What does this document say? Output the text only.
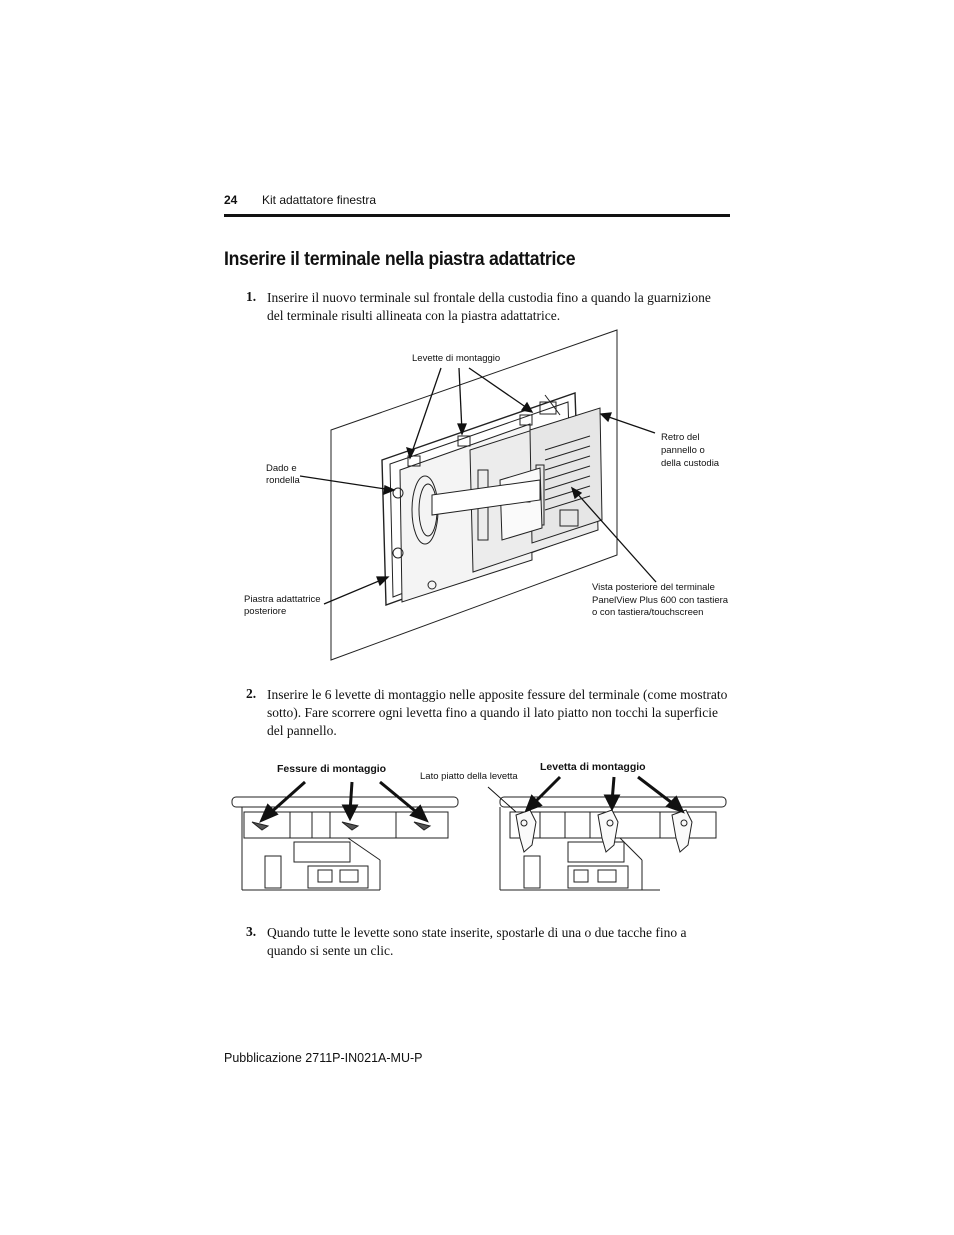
24 Kit adattatore finestra
Inserire il terminale nella piastra adattatrice
1. Inserire il nuovo terminale sul frontale della custodia fino a quando la guarnizione del terminale risulti allineata con la piastra adattatrice.
Levette di montaggio
Dado e
rondella
Retro del
pannello o
della custodia
Piastra adattatrice
posteriore
Vista posteriore del terminale
PanelView Plus 600 con tastiera
o con tastiera/touchscreen
2. Inserire le 6 levette di montaggio nelle apposite fessure del terminale (come mostrato sotto). Fare scorrere ogni levetta fino a quando il lato piatto non tocchi la superficie del pannello.
Fessure di montaggio
Lato piatto della levetta
Levetta di montaggio
3. Quando tutte le levette sono state inserite, spostarle di una o due tacche fino a quando si sente un clic.
Pubblicazione 2711P-IN021A-MU-P
